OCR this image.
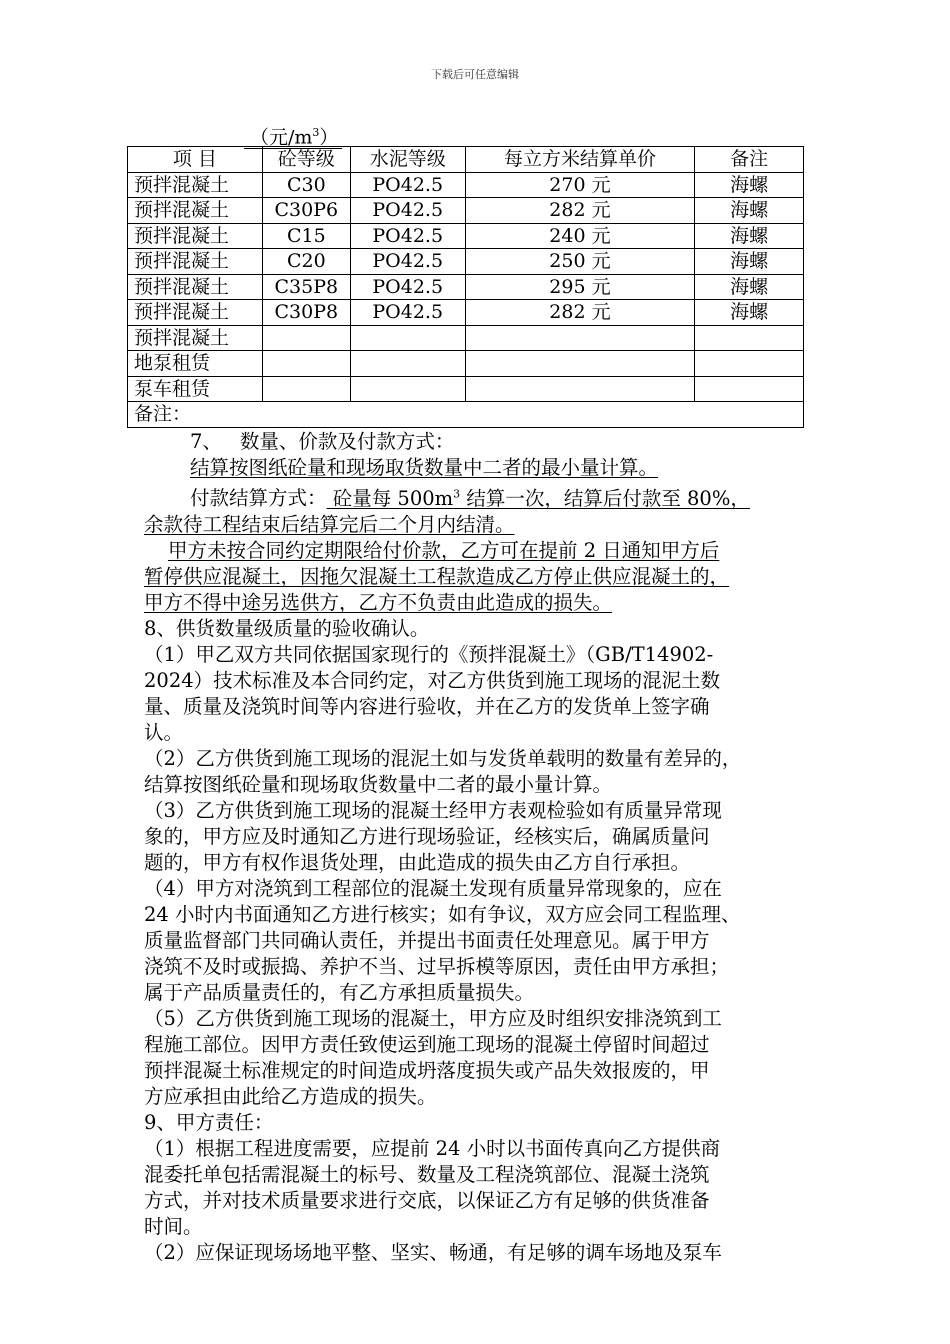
下载后可任意编辑
（元$/m^3$）
项 目	砼等级	水泥等级	每立方米结算单价	备注
预拌混凝土	C30	PO42.5	270 元	海螺
预拌混凝土	C30P6	PO42.5	282 元	海螺
预拌混凝土	C15	PO42.5	240 元	海螺
预拌混凝土	C20	PO42.5	250 元	海螺
预拌混凝土	C35P8	PO42.5	295 元	海螺
预拌混凝土	C30P8	PO42.5	282 元	海螺
预拌混凝土				
地泵租赁				
泵车租赁				
备注：				

7、 数量、价款及付款方式：

结算按图纸砼量和现场取货数量中二者的最小量计算。

付款结算方式： 砼量每 $500m^3$ 结算一次，结算后付款至 80%，

余款待工程结束后结算完后二个月内结清。

甲方未按合同约定期限给付价款，乙方可在提前 2 日通知甲方后

暂停供应混凝土，因拖欠混凝土工程款造成乙方停止供应混凝土的，

甲方不得中途另选供方，乙方不负责由此造成的损失。

8、供货数量级质量的验收确认。

（1）甲乙双方共同依据国家现行的《预拌混凝土》（GB/T14902-

2024）技术标准及本合同约定，对乙方供货到施工现场的混泥土数

量、质量及浇筑时间等内容进行验收，并在乙方的发货单上签字确

认。

（2）乙方供货到施工现场的混泥土如与发货单载明的数量有差异的，

结算按图纸砼量和现场取货数量中二者的最小量计算。

（3）乙方供货到施工现场的混凝土经甲方表观检验如有质量异常现

象的，甲方应及时通知乙方进行现场验证，经核实后，确属质量问

题的，甲方有权作退货处理，由此造成的损失由乙方自行承担。

（4）甲方对浇筑到工程部位的混凝土发现有质量异常现象的，应在

24 小时内书面通知乙方进行核实；如有争议，双方应会同工程监理、

质量监督部门共同确认责任，并提出书面责任处理意见。属于甲方

浇筑不及时或振捣、养护不当、过早拆模等原因，责任由甲方承担；

属于产品质量责任的，有乙方承担质量损失。

（5）乙方供货到施工现场的混凝土，甲方应及时组织安排浇筑到工

程施工部位。因甲方责任致使运到施工现场的混凝土停留时间超过

预拌混凝土标准规定的时间造成坍落度损失或产品失效报废的，甲

方应承担由此给乙方造成的损失。

9、甲方责任：

（1）根据工程进度需要，应提前 24 小时以书面传真向乙方提供商

混委托单包括需混凝土的标号、数量及工程浇筑部位、混凝土浇筑

方式，并对技术质量要求进行交底，以保证乙方有足够的供货准备

时间。

（2）应保证现场场地平整、坚实、畅通，有足够的调车场地及泵车
